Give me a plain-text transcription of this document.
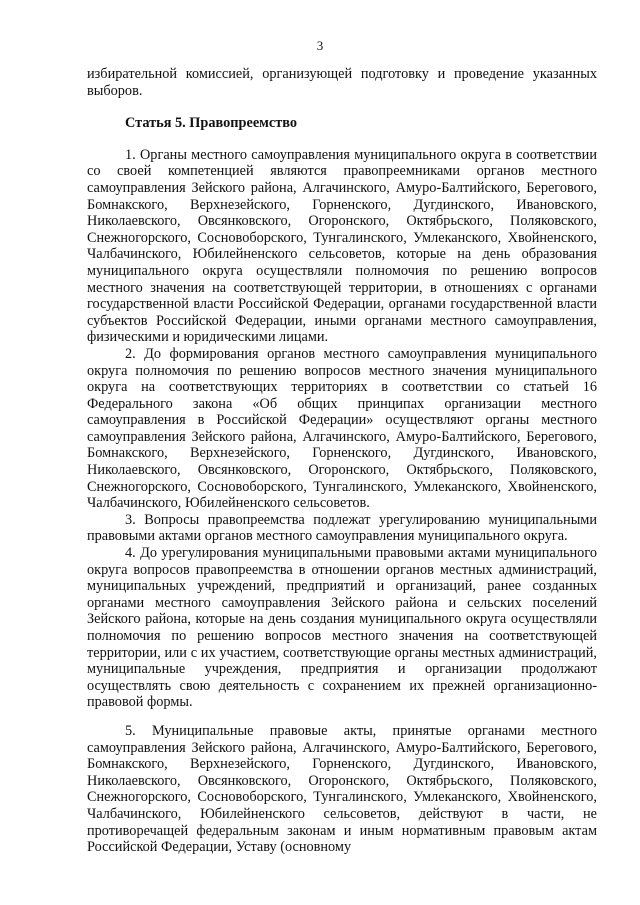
3

избирательной комиссией, организующей подготовку и проведение указанных выборов.

Статья 5. Правопреемство

1. Органы местного самоуправления муниципального округа в соответствии со своей компетенцией являются правопреемниками органов местного самоуправления Зейского района, Алгачинского, Амуро-Балтийского, Берегового, Бомнакского, Верхнезейского, Горненского, Дугдинского, Ивановского, Николаевского, Овсянковского, Огоронского, Октябрьского, Поляковского, Снежногорского, Сосновоборского, Тунгалинского, Умлеканского, Хвойненского, Чалбачинского, Юбилейненского сельсоветов, которые на день образования муниципального округа осуществляли полномочия по решению вопросов местного значения на соответствующей территории, в отношениях с органами государственной власти Российской Федерации, органами государственной власти субъектов Российской Федерации, иными органами местного самоуправления, физическими и юридическими лицами.

2. До формирования органов местного самоуправления муниципального округа полномочия по решению вопросов местного значения муниципального округа на соответствующих территориях в соответствии со статьей 16 Федерального закона «Об общих принципах организации местного самоуправления в Российской Федерации» осуществляют органы местного самоуправления Зейского района, Алгачинского, Амуро-Балтийского, Берегового, Бомнакского, Верхнезейского, Горненского, Дугдинского, Ивановского, Николаевского, Овсянковского, Огоронского, Октябрьского, Поляковского, Снежногорского, Сосновоборского, Тунгалинского, Умлеканского, Хвойненского, Чалбачинского, Юбилейненского сельсоветов.

3. Вопросы правопреемства подлежат урегулированию муниципальными правовыми актами органов местного самоуправления муниципального округа.

4. До урегулирования муниципальными правовыми актами муниципального округа вопросов правопреемства в отношении органов местных администраций, муниципальных учреждений, предприятий и организаций, ранее созданных органами местного самоуправления Зейского района и сельских поселений Зейского района, которые на день создания муниципального округа осуществляли полномочия по решению вопросов местного значения на соответствующей территории, или с их участием, соответствующие органы местных администраций, муниципальные учреждения, предприятия и организации продолжают осуществлять свою деятельность с сохранением их прежней организационно-правовой формы.

5. Муниципальные правовые акты, принятые органами местного самоуправления Зейского района, Алгачинского, Амуро-Балтийского, Берегового, Бомнакского, Верхнезейского, Горненского, Дугдинского, Ивановского, Николаевского, Овсянковского, Огоронского, Октябрьского, Поляковского, Снежногорского, Сосновоборского, Тунгалинского, Умлеканского, Хвойненского, Чалбачинского, Юбилейненского сельсоветов, действуют в части, не противоречащей федеральным законам и иным нормативным правовым актам Российской Федерации, Уставу (основному
